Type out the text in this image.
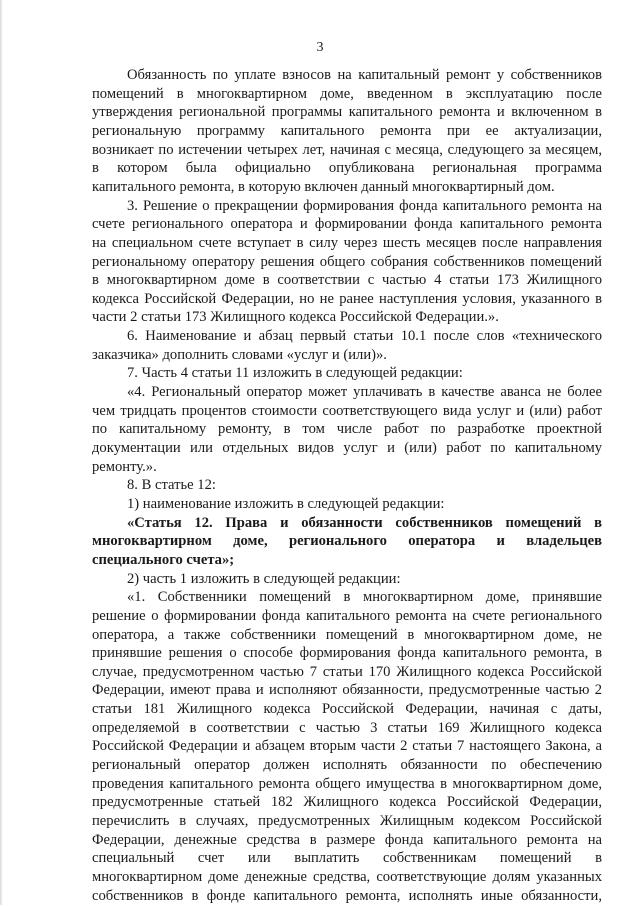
3
Обязанность по уплате взносов на капитальный ремонт у собственников
помещений в многоквартирном доме, введенном в эксплуатацию после
утверждения региональной программы капитального ремонта и включенном в
региональную программу капитального ремонта при ее актуализации,
возникает по истечении четырех лет, начиная с месяца, следующего за месяцем,
в котором была официально опубликована региональная программа
капитального ремонта, в которую включен данный многоквартирный дом.
3. Решение о прекращении формирования фонда капитального ремонта на
счете регионального оператора и формировании фонда капитального ремонта
на специальном счете вступает в силу через шесть месяцев после направления
региональному оператору решения общего собрания собственников помещений
в многоквартирном доме в соответствии с частью 4 статьи 173 Жилищного
кодекса Российской Федерации, но не ранее наступления условия, указанного в
части 2 статьи 173 Жилищного кодекса Российской Федерации.».
6. Наименование и абзац первый статьи 10.1 после слов «технического
заказчика» дополнить словами «услуг и (или)».
7. Часть 4 статьи 11 изложить в следующей редакции:
«4. Региональный оператор может уплачивать в качестве аванса не более
чем тридцать процентов стоимости соответствующего вида услуг и (или) работ
по капитальному ремонту, в том числе работ по разработке проектной
документации или отдельных видов услуг и (или) работ по капитальному
ремонту.».
8. В статье 12:
1) наименование изложить в следующей редакции:
«Статья 12. Права и обязанности собственников помещений в
многоквартирном доме, регионального оператора и владельцев
специального счета»;
2) часть 1 изложить в следующей редакции:
«1. Собственники помещений в многоквартирном доме, принявшие
решение о формировании фонда капитального ремонта на счете регионального
оператора, а также собственники помещений в многоквартирном доме, не
принявшие решения о способе формирования фонда капитального ремонта, в
случае, предусмотренном частью 7 статьи 170 Жилищного кодекса Российской
Федерации, имеют права и исполняют обязанности, предусмотренные частью 2
статьи 181 Жилищного кодекса Российской Федерации, начиная с даты,
определяемой в соответствии с частью 3 статьи 169 Жилищного кодекса
Российской Федерации и абзацем вторым части 2 статьи 7 настоящего Закона, а
региональный оператор должен исполнять обязанности по обеспечению
проведения капитального ремонта общего имущества в многоквартирном доме,
предусмотренные статьей 182 Жилищного кодекса Российской Федерации,
перечислить в случаях, предусмотренных Жилищным кодексом Российской
Федерации, денежные средства в размере фонда капитального ремонта на
специальный счет или выплатить собственникам помещений в
многоквартирном доме денежные средства, соответствующие долям указанных
собственников в фонде капитального ремонта, исполнять иные обязанности,
